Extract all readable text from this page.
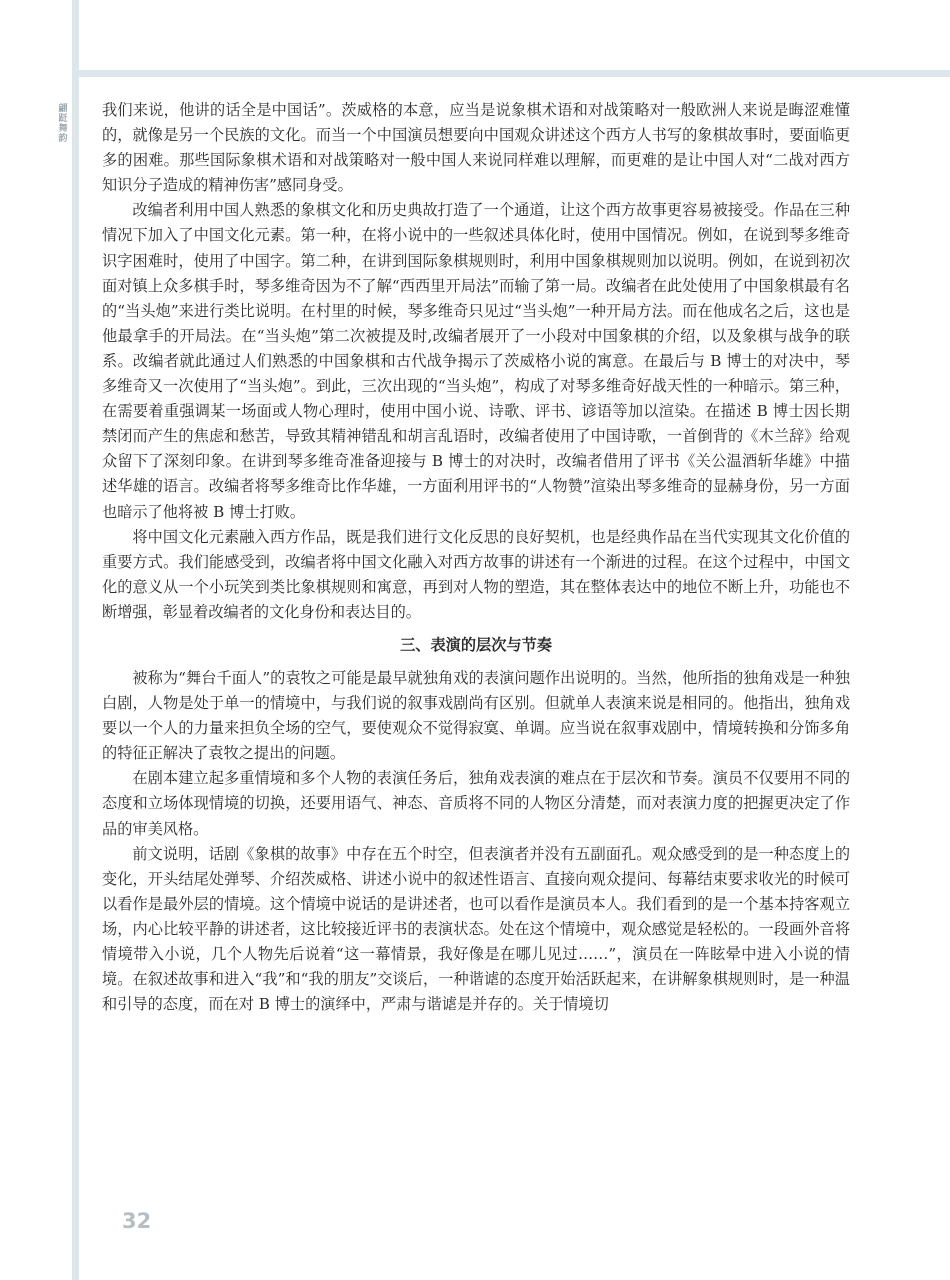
翩
跹
舞
韵

我们来说，他讲的话全是中国话”。茨威格的本意，应当是说象棋术语和对战策略对一般欧洲人来说是晦涩难懂的，就像是另一个民族的文化。而当一个中国演员想要向中国观众讲述这个西方人书写的象棋故事时，要面临更多的困难。那些国际象棋术语和对战策略对一般中国人来说同样难以理解，而更难的是让中国人对“二战对西方知识分子造成的精神伤害”感同身受。

改编者利用中国人熟悉的象棋文化和历史典故打造了一个通道，让这个西方故事更容易被接受。作品在三种情况下加入了中国文化元素。第一种，在将小说中的一些叙述具体化时，使用中国情况。例如，在说到琴多维奇识字困难时，使用了中国字。第二种，在讲到国际象棋规则时，利用中国象棋规则加以说明。例如，在说到初次面对镇上众多棋手时，琴多维奇因为不了解“西西里开局法”而输了第一局。改编者在此处使用了中国象棋最有名的“当头炮”来进行类比说明。在村里的时候，琴多维奇只见过“当头炮”一种开局方法。而在他成名之后，这也是他最拿手的开局法。在“当头炮”第二次被提及时,改编者展开了一小段对中国象棋的介绍，以及象棋与战争的联系。改编者就此通过人们熟悉的中国象棋和古代战争揭示了茨威格小说的寓意。在最后与 B 博士的对决中，琴多维奇又一次使用了“当头炮”。到此，三次出现的“当头炮”，构成了对琴多维奇好战天性的一种暗示。第三种，在需要着重强调某一场面或人物心理时，使用中国小说、诗歌、评书、谚语等加以渲染。在描述 B 博士因长期禁闭而产生的焦虑和愁苦，导致其精神错乱和胡言乱语时，改编者使用了中国诗歌，一首倒背的《木兰辞》给观众留下了深刻印象。在讲到琴多维奇准备迎接与 B 博士的对决时，改编者借用了评书《关公温酒斩华雄》中描述华雄的语言。改编者将琴多维奇比作华雄，一方面利用评书的“人物赞”渲染出琴多维奇的显赫身份，另一方面也暗示了他将被 B 博士打败。

将中国文化元素融入西方作品，既是我们进行文化反思的良好契机，也是经典作品在当代实现其文化价值的重要方式。我们能感受到，改编者将中国文化融入对西方故事的讲述有一个渐进的过程。在这个过程中，中国文化的意义从一个小玩笑到类比象棋规则和寓意，再到对人物的塑造，其在整体表达中的地位不断上升，功能也不断增强，彰显着改编者的文化身份和表达目的。

三、表演的层次与节奏

被称为“舞台千面人”的袁牧之可能是最早就独角戏的表演问题作出说明的。当然，他所指的独角戏是一种独白剧，人物是处于单一的情境中，与我们说的叙事戏剧尚有区别。但就单人表演来说是相同的。他指出，独角戏要以一个人的力量来担负全场的空气，要使观众不觉得寂寞、单调。应当说在叙事戏剧中，情境转换和分饰多角的特征正解决了袁牧之提出的问题。

在剧本建立起多重情境和多个人物的表演任务后，独角戏表演的难点在于层次和节奏。演员不仅要用不同的态度和立场体现情境的切换，还要用语气、神态、音质将不同的人物区分清楚，而对表演力度的把握更决定了作品的审美风格。

前文说明，话剧《象棋的故事》中存在五个时空，但表演者并没有五副面孔。观众感受到的是一种态度上的变化，开头结尾处弹琴、介绍茨威格、讲述小说中的叙述性语言、直接向观众提问、每幕结束要求收光的时候可以看作是最外层的情境。这个情境中说话的是讲述者，也可以看作是演员本人。我们看到的是一个基本持客观立场，内心比较平静的讲述者，这比较接近评书的表演状态。处在这个情境中，观众感觉是轻松的。一段画外音将情境带入小说，几个人物先后说着“这一幕情景，我好像是在哪儿见过……”，演员在一阵眩晕中进入小说的情境。在叙述故事和进入“我”和“我的朋友”交谈后，一种谐谑的态度开始活跃起来，在讲解象棋规则时，是一种温和引导的态度，而在对 B 博士的演绎中，严肃与谐谑是并存的。关于情境切

32
